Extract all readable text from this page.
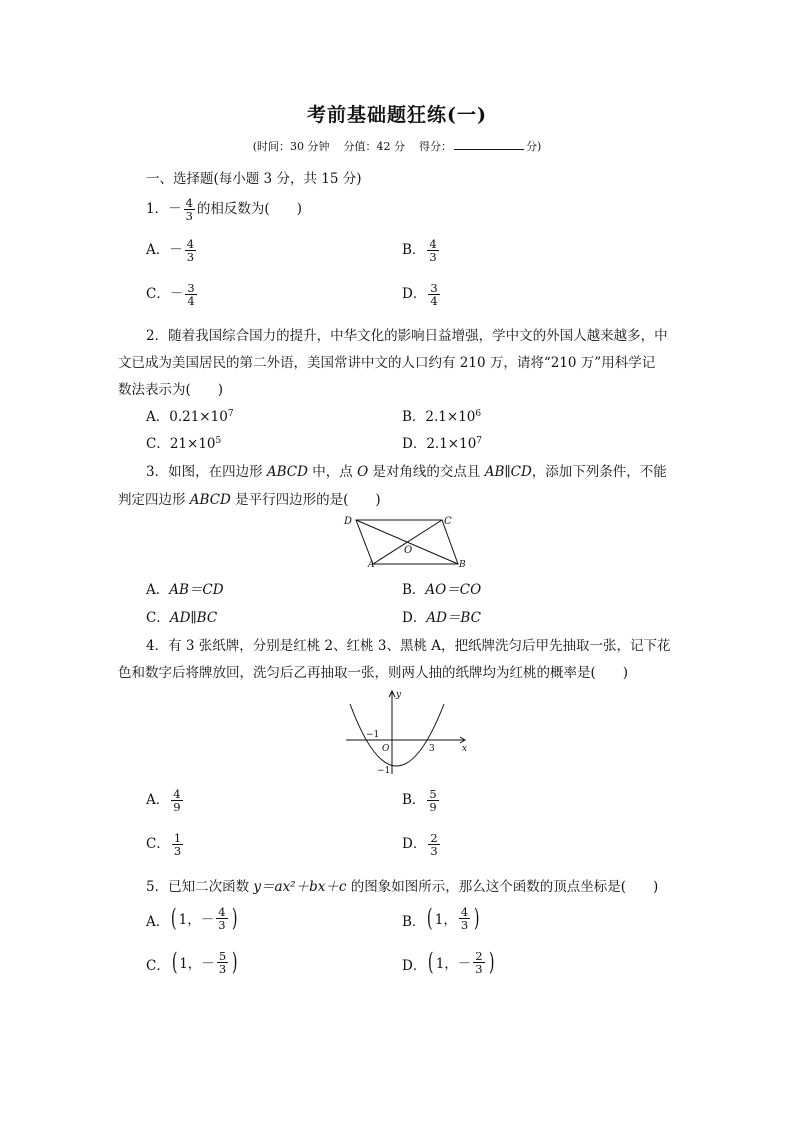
考前基础题狂练(一)
(时间：30 分钟 分值：42 分 得分：	分)
一、选择题(每小题 3 分，共 15 分)
1．－ $\frac{4}{3}$ 的相反数为(　　)
A．－ $\frac{4}{3}$	B． $\frac{4}{3}$
C．－ $\frac{3}{4}$	D． $\frac{3}{4}$
2．随着我国综合国力的提升，中华文化的影响日益增强，学中文的外国人越来越多，中
文已成为美国居民的第二外语，美国常讲中文的人口约有 210 万，请将“210 万”用科学记
数法表示为(　　)
A．$0.21\times 10^7$	B．$2.1\times 10^6$
C．$21\times 10^5$	D．$2.1\times 10^7$
3．如图，在四边形 ABCD 中，点 O 是对角线的交点且 AB∥CD，添加下列条件，不能
判定四边形 ABCD 是平行四边形的是(　　)
D	C
O
A	B
A．AB＝CD	B．AO＝CO
C．AD∥BC	D．AD＝BC
4．有 3 张纸牌，分别是红桃 2、红桃 3、黑桃 A，把纸牌洗匀后甲先抽取一张，记下花
色和数字后将牌放回，洗匀后乙再抽取一张，则两人抽的纸牌均为红桃的概率是(　　)
y
x
−1
O	3
−1
A． $\frac{4}{9}$	B． $\frac{5}{9}$
C． $\frac{1}{3}$	D． $\frac{2}{3}$
5．已知二次函数 y＝ax²＋bx＋c 的图象如图所示，那么这个函数的顶点坐标是(　　)
A． ( 1， － $\frac{4}{3}$ )	B． ( 1， $\frac{4}{3}$ )
C． ( 1， － $\frac{5}{3}$ )	D． ( 1， － $\frac{2}{3}$ )
